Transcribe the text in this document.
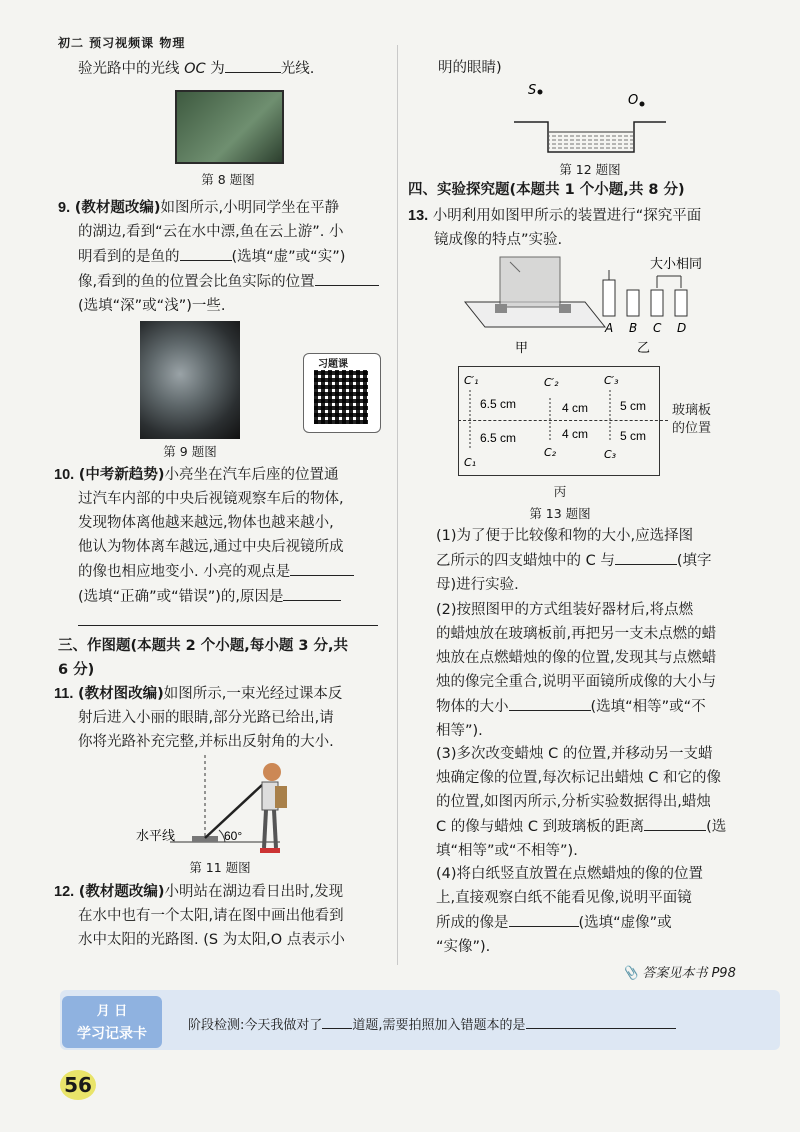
初二 预习视频课 物理
验光路中的光线 OC 为	光线.
第 8 题图
9. (教材题改编)如图所示,小明同学坐在平静
的湖边,看到“云在水中漂,鱼在云上游”. 小
明看到的是鱼的	(选填“虚”或“实”)
像,看到的鱼的位置会比鱼实际的位置
(选填“深”或“浅”)一些.
习题课
第 9 题图
10. (中考新趋势)小亮坐在汽车后座的位置通
过汽车内部的中央后视镜观察车后的物体,
发现物体离他越来越远,物体也越来越小,
他认为物体离车越远,通过中央后视镜所成
的像也相应地变小. 小亮的观点是
(选填“正确”或“错误”)的,原因是
三、作图题(本题共 2 个小题,每小题 3 分,共
6 分)
11. (教材图改编)如图所示,一束光经过课本反
射后进入小丽的眼睛,部分光路已给出,请
你将光路补充完整,并标出反射角的大小.
60°
水平线
第 11 题图
12. (教材题改编)小明站在湖边看日出时,发现
在水中也有一个太阳,请在图中画出他看到
水中太阳的光路图. (S 为太阳,O 点表示小
明的眼睛)
S
O
第 12 题图
四、实验探究题(本题共 1 个小题,共 8 分)
13. 小明利用如图甲所示的装置进行“探究平面
镜成像的特点”实验.
甲
A B C D
大小相同
乙
C′₁	C′₂	C′₃
C₁
C₂	C₃
6.5 cm
6.5 cm
4 cm
4 cm
5 cm
5 cm
玻璃板
的位置
丙
第 13 题图
(1)为了便于比较像和物的大小,应选择图
乙所示的四支蜡烛中的 C 与	(填字
母)进行实验.
(2)按照图甲的方式组装好器材后,将点燃
的蜡烛放在玻璃板前,再把另一支未点燃的蜡
烛放在点燃蜡烛的像的位置,发现其与点燃蜡
烛的像完全重合,说明平面镜所成像的大小与
物体的大小	(选填“相等”或“不
相等”).
(3)多次改变蜡烛 C 的位置,并移动另一支蜡
烛确定像的位置,每次标记出蜡烛 C 和它的像
的位置,如图丙所示,分析实验数据得出,蜡烛
C 的像与蜡烛 C 到玻璃板的距离	(选
填“相等”或“不相等”).
(4)将白纸竖直放置在点燃蜡烛的像的位置
上,直接观察白纸不能看见像,说明平面镜
所成的像是	(选填“虚像”或
“实像”).
📎 答案见本书 P98
月 日
学习记录卡
阶段检测:今天我做对了 道题,需要拍照加入错题本的是
56
